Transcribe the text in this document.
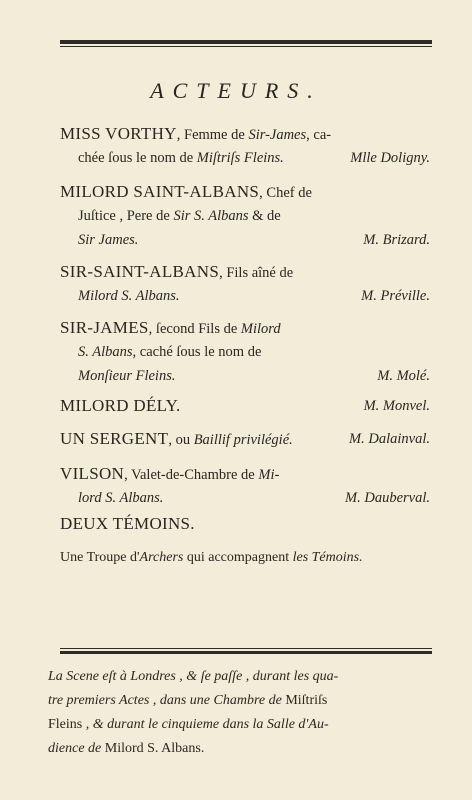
ACTEURS.
MISS VORTHY, Femme de Sir-James, ca-
chée ſous le nom de Miſtriſs Fleins.	Mlle Doligny.
MILORD SAINT-ALBANS, Chef de
Juſtice , Pere de Sir S. Albans & de
Sir James.	M. Brizard.
SIR-SAINT-ALBANS, Fils aîné de
Milord S. Albans.	M. Préville.
SIR-JAMES, ſecond Fils de Milord
S. Albans, caché ſous le nom de
Monſieur Fleins.	M. Molé.
MILORD DÉLY.	M. Monvel.
UN SERGENT, ou Baillif privilégié.	M. Dalainval.
VILSON, Valet-de-Chambre de Mi-
lord S. Albans.	M. Dauberval.
DEUX TÉMOINS.
Une Troupe d'Archers qui accompagnent les Témoins.
La Scene eſt à Londres , & ſe paſſe , durant les qua-
tre premiers Actes , dans une Chambre de Miſtriſs
Fleins , & durant le cinquieme dans la Salle d'Au-
dience de Milord S. Albans.
